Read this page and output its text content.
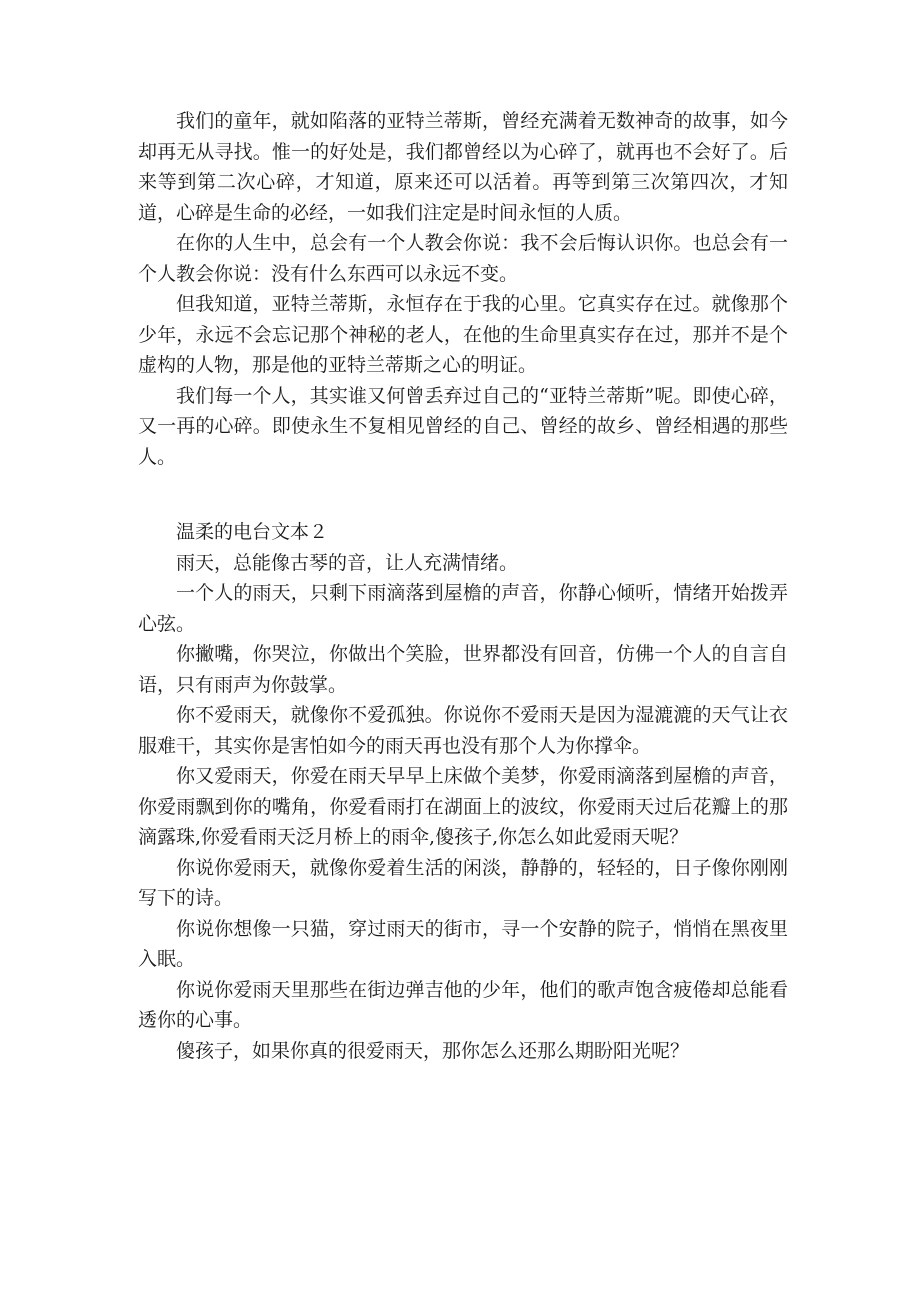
我们的童年，就如陷落的亚特兰蒂斯，曾经充满着无数神奇的故事，如今却再无从寻找。惟一的好处是，我们都曾经以为心碎了，就再也不会好了。后来等到第二次心碎，才知道，原来还可以活着。再等到第三次第四次，才知道，心碎是生命的必经，一如我们注定是时间永恒的人质。

在你的人生中，总会有一个人教会你说：我不会后悔认识你。也总会有一个人教会你说：没有什么东西可以永远不变。

但我知道，亚特兰蒂斯，永恒存在于我的心里。它真实存在过。就像那个少年，永远不会忘记那个神秘的老人，在他的生命里真实存在过，那并不是个虚构的人物，那是他的亚特兰蒂斯之心的明证。

我们每一个人，其实谁又何曾丢弃过自己的“亚特兰蒂斯”呢。即使心碎，又一再的心碎。即使永生不复相见曾经的自己、曾经的故乡、曾经相遇的那些人。

温柔的电台文本２

雨天，总能像古琴的音，让人充满情绪。

一个人的雨天，只剩下雨滴落到屋檐的声音，你静心倾听，情绪开始拨弄心弦。

你撇嘴，你哭泣，你做出个笑脸，世界都没有回音，仿佛一个人的自言自语，只有雨声为你鼓掌。

你不爱雨天，就像你不爱孤独。你说你不爱雨天是因为湿漉漉的天气让衣服难干，其实你是害怕如今的雨天再也没有那个人为你撑伞。

你又爱雨天，你爱在雨天早早上床做个美梦，你爱雨滴落到屋檐的声音，你爱雨飘到你的嘴角，你爱看雨打在湖面上的波纹，你爱雨天过后花瓣上的那滴露珠,你爱看雨天泛月桥上的雨伞,傻孩子,你怎么如此爱雨天呢？

你说你爱雨天，就像你爱着生活的闲淡，静静的，轻轻的，日子像你刚刚写下的诗。

你说你想像一只猫，穿过雨天的街市，寻一个安静的院子，悄悄在黑夜里入眠。

你说你爱雨天里那些在街边弹吉他的少年，他们的歌声饱含疲倦却总能看透你的心事。

傻孩子，如果你真的很爱雨天，那你怎么还那么期盼阳光呢？
